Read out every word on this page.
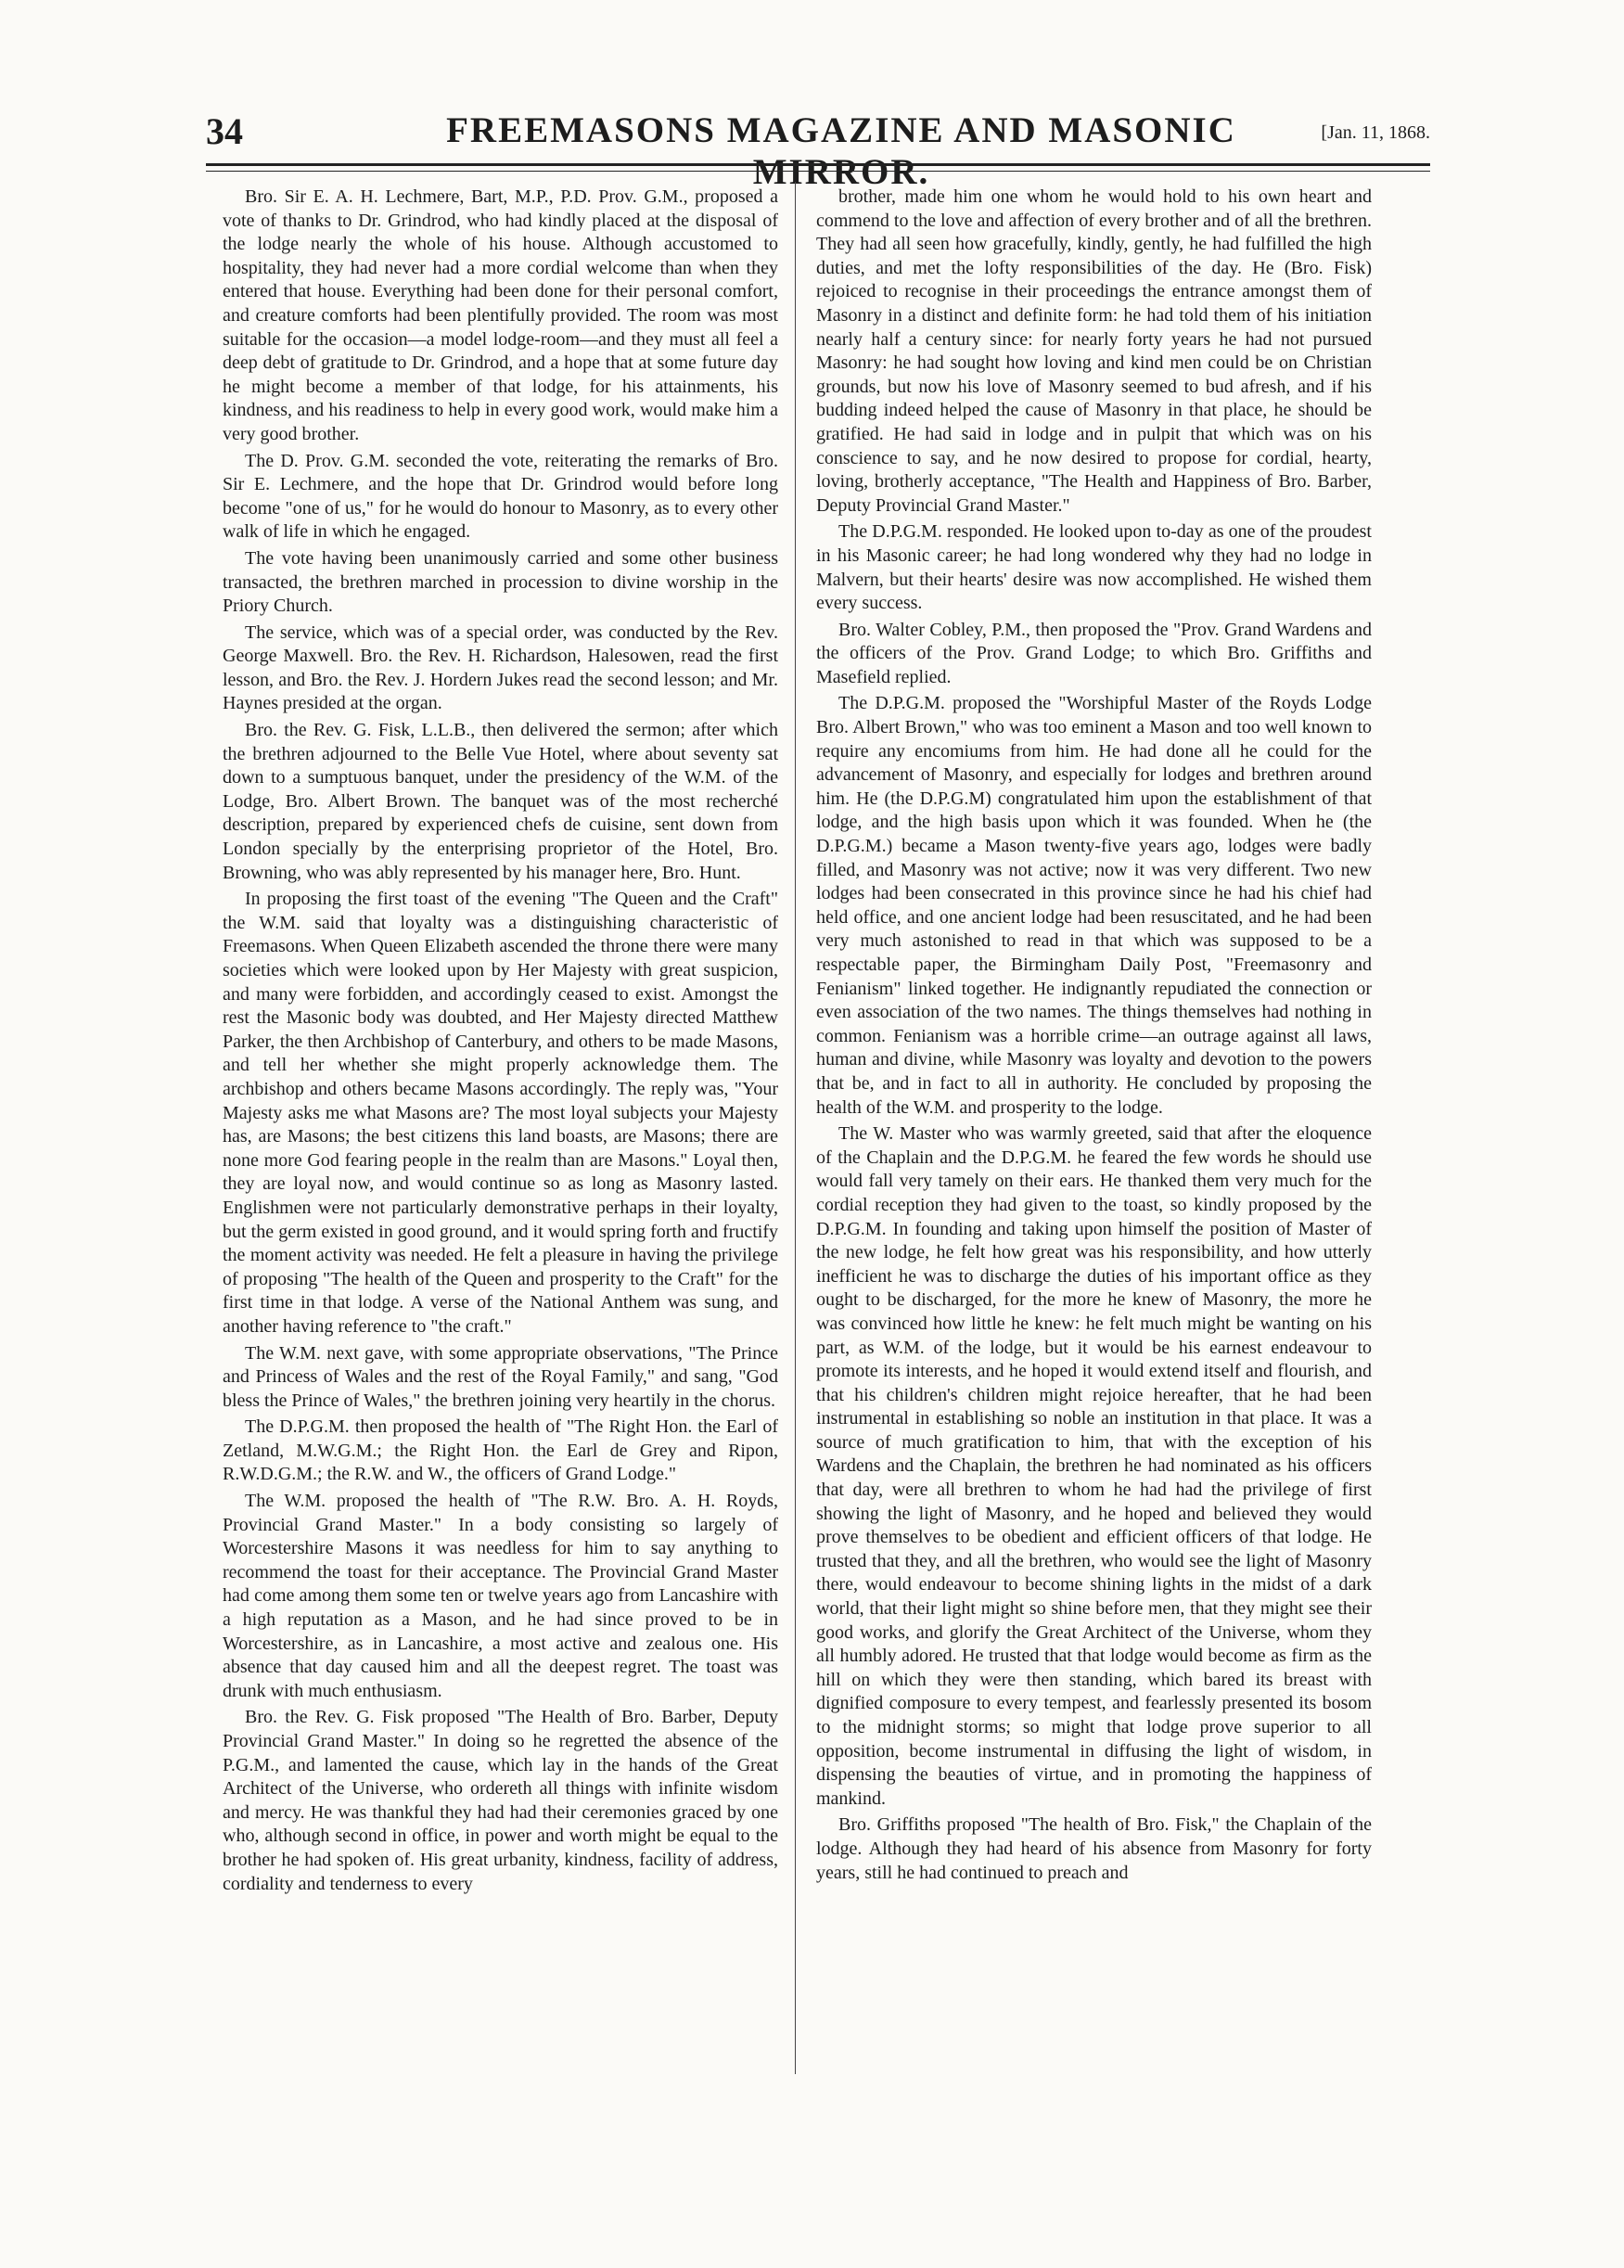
34	FREEMASONS MAGAZINE AND MASONIC MIRROR.
[Jan. 11, 1868.

Bro. Sir E. A. H. Lechmere, Bart, M.P., P.D. Prov. G.M., proposed a vote of thanks to Dr. Grindrod, who had kindly placed at the disposal of the lodge nearly the whole of his house. Although accustomed to hospitality, they had never had a more cordial welcome than when they entered that house. Everything had been done for their personal comfort, and creature comforts had been plentifully provided. The room was most suitable for the occasion—a model lodge-room—and they must all feel a deep debt of gratitude to Dr. Grindrod, and a hope that at some future day he might become a member of that lodge, for his attainments, his kindness, and his readiness to help in every good work, would make him a very good brother.

The D. Prov. G.M. seconded the vote, reiterating the remarks of Bro. Sir E. Lechmere, and the hope that Dr. Grindrod would before long become "one of us," for he would do honour to Masonry, as to every other walk of life in which he engaged.

The vote having been unanimously carried and some other business transacted, the brethren marched in procession to divine worship in the Priory Church.

The service, which was of a special order, was conducted by the Rev. George Maxwell. Bro. the Rev. H. Richardson, Halesowen, read the first lesson, and Bro. the Rev. J. Hordern Jukes read the second lesson; and Mr. Haynes presided at the organ.

Bro. the Rev. G. Fisk, L.L.B., then delivered the sermon; after which the brethren adjourned to the Belle Vue Hotel, where about seventy sat down to a sumptuous banquet, under the presidency of the W.M. of the Lodge, Bro. Albert Brown. The banquet was of the most recherché description, prepared by experienced chefs de cuisine, sent down from London specially by the enterprising proprietor of the Hotel, Bro. Browning, who was ably represented by his manager here, Bro. Hunt.

In proposing the first toast of the evening "The Queen and the Craft" the W.M. said that loyalty was a distinguishing characteristic of Freemasons. When Queen Elizabeth ascended the throne there were many societies which were looked upon by Her Majesty with great suspicion, and many were forbidden, and accordingly ceased to exist. Amongst the rest the Masonic body was doubted, and Her Majesty directed Matthew Parker, the then Archbishop of Canterbury, and others to be made Masons, and tell her whether she might properly acknowledge them. The archbishop and others became Masons accordingly. The reply was, "Your Majesty asks me what Masons are? The most loyal subjects your Majesty has, are Masons; the best citizens this land boasts, are Masons; there are none more God fearing people in the realm than are Masons." Loyal then, they are loyal now, and would continue so as long as Masonry lasted. Englishmen were not particularly demonstrative perhaps in their loyalty, but the germ existed in good ground, and it would spring forth and fructify the moment activity was needed. He felt a pleasure in having the privilege of proposing "The health of the Queen and prosperity to the Craft" for the first time in that lodge. A verse of the National Anthem was sung, and another having reference to "the craft."

The W.M. next gave, with some appropriate observations, "The Prince and Princess of Wales and the rest of the Royal Family," and sang, "God bless the Prince of Wales," the brethren joining very heartily in the chorus.

The D.P.G.M. then proposed the health of "The Right Hon. the Earl of Zetland, M.W.G.M.; the Right Hon. the Earl de Grey and Ripon, R.W.D.G.M.; the R.W. and W., the officers of Grand Lodge."

The W.M. proposed the health of "The R.W. Bro. A. H. Royds, Provincial Grand Master." In a body consisting so largely of Worcestershire Masons it was needless for him to say anything to recommend the toast for their acceptance. The Provincial Grand Master had come among them some ten or twelve years ago from Lancashire with a high reputation as a Mason, and he had since proved to be in Worcestershire, as in Lancashire, a most active and zealous one. His absence that day caused him and all the deepest regret. The toast was drunk with much enthusiasm.

Bro. the Rev. G. Fisk proposed "The Health of Bro. Barber, Deputy Provincial Grand Master." In doing so he regretted the absence of the P.G.M., and lamented the cause, which lay in the hands of the Great Architect of the Universe, who ordereth all things with infinite wisdom and mercy. He was thankful they had had their ceremonies graced by one who, although second in office, in power and worth might be equal to the brother he had spoken of. His great urbanity, kindness, facility of address, cordiality and tenderness to every

brother, made him one whom he would hold to his own heart and commend to the love and affection of every brother and of all the brethren. They had all seen how gracefully, kindly, gently, he had fulfilled the high duties, and met the lofty responsibilities of the day. He (Bro. Fisk) rejoiced to recognise in their proceedings the entrance amongst them of Masonry in a distinct and definite form: he had told them of his initiation nearly half a century since: for nearly forty years he had not pursued Masonry: he had sought how loving and kind men could be on Christian grounds, but now his love of Masonry seemed to bud afresh, and if his budding indeed helped the cause of Masonry in that place, he should be gratified. He had said in lodge and in pulpit that which was on his conscience to say, and he now desired to propose for cordial, hearty, loving, brotherly acceptance, "The Health and Happiness of Bro. Barber, Deputy Provincial Grand Master."

The D.P.G.M. responded. He looked upon to-day as one of the proudest in his Masonic career; he had long wondered why they had no lodge in Malvern, but their hearts' desire was now accomplished. He wished them every success.

Bro. Walter Cobley, P.M., then proposed the "Prov. Grand Wardens and the officers of the Prov. Grand Lodge; to which Bro. Griffiths and Masefield replied.

The D.P.G.M. proposed the "Worshipful Master of the Royds Lodge Bro. Albert Brown," who was too eminent a Mason and too well known to require any encomiums from him. He had done all he could for the advancement of Masonry, and especially for lodges and brethren around him. He (the D.P.G.M) congratulated him upon the establishment of that lodge, and the high basis upon which it was founded. When he (the D.P.G.M.) became a Mason twenty-five years ago, lodges were badly filled, and Masonry was not active; now it was very different. Two new lodges had been consecrated in this province since he had his chief had held office, and one ancient lodge had been resuscitated, and he had been very much astonished to read in that which was supposed to be a respectable paper, the Birmingham Daily Post, "Freemasonry and Fenianism" linked together. He indignantly repudiated the connection or even association of the two names. The things themselves had nothing in common. Fenianism was a horrible crime—an outrage against all laws, human and divine, while Masonry was loyalty and devotion to the powers that be, and in fact to all in authority. He concluded by proposing the health of the W.M. and prosperity to the lodge.

The W. Master who was warmly greeted, said that after the eloquence of the Chaplain and the D.P.G.M. he feared the few words he should use would fall very tamely on their ears. He thanked them very much for the cordial reception they had given to the toast, so kindly proposed by the D.P.G.M. In founding and taking upon himself the position of Master of the new lodge, he felt how great was his responsibility, and how utterly inefficient he was to discharge the duties of his important office as they ought to be discharged, for the more he knew of Masonry, the more he was convinced how little he knew: he felt much might be wanting on his part, as W.M. of the lodge, but it would be his earnest endeavour to promote its interests, and he hoped it would extend itself and flourish, and that his children's children might rejoice hereafter, that he had been instrumental in establishing so noble an institution in that place. It was a source of much gratification to him, that with the exception of his Wardens and the Chaplain, the brethren he had nominated as his officers that day, were all brethren to whom he had had the privilege of first showing the light of Masonry, and he hoped and believed they would prove themselves to be obedient and efficient officers of that lodge. He trusted that they, and all the brethren, who would see the light of Masonry there, would endeavour to become shining lights in the midst of a dark world, that their light might so shine before men, that they might see their good works, and glorify the Great Architect of the Universe, whom they all humbly adored. He trusted that that lodge would become as firm as the hill on which they were then standing, which bared its breast with dignified composure to every tempest, and fearlessly presented its bosom to the midnight storms; so might that lodge prove superior to all opposition, become instrumental in diffusing the light of wisdom, in dispensing the beauties of virtue, and in promoting the happiness of mankind.

Bro. Griffiths proposed "The health of Bro. Fisk," the Chaplain of the lodge. Although they had heard of his absence from Masonry for forty years, still he had continued to preach and
